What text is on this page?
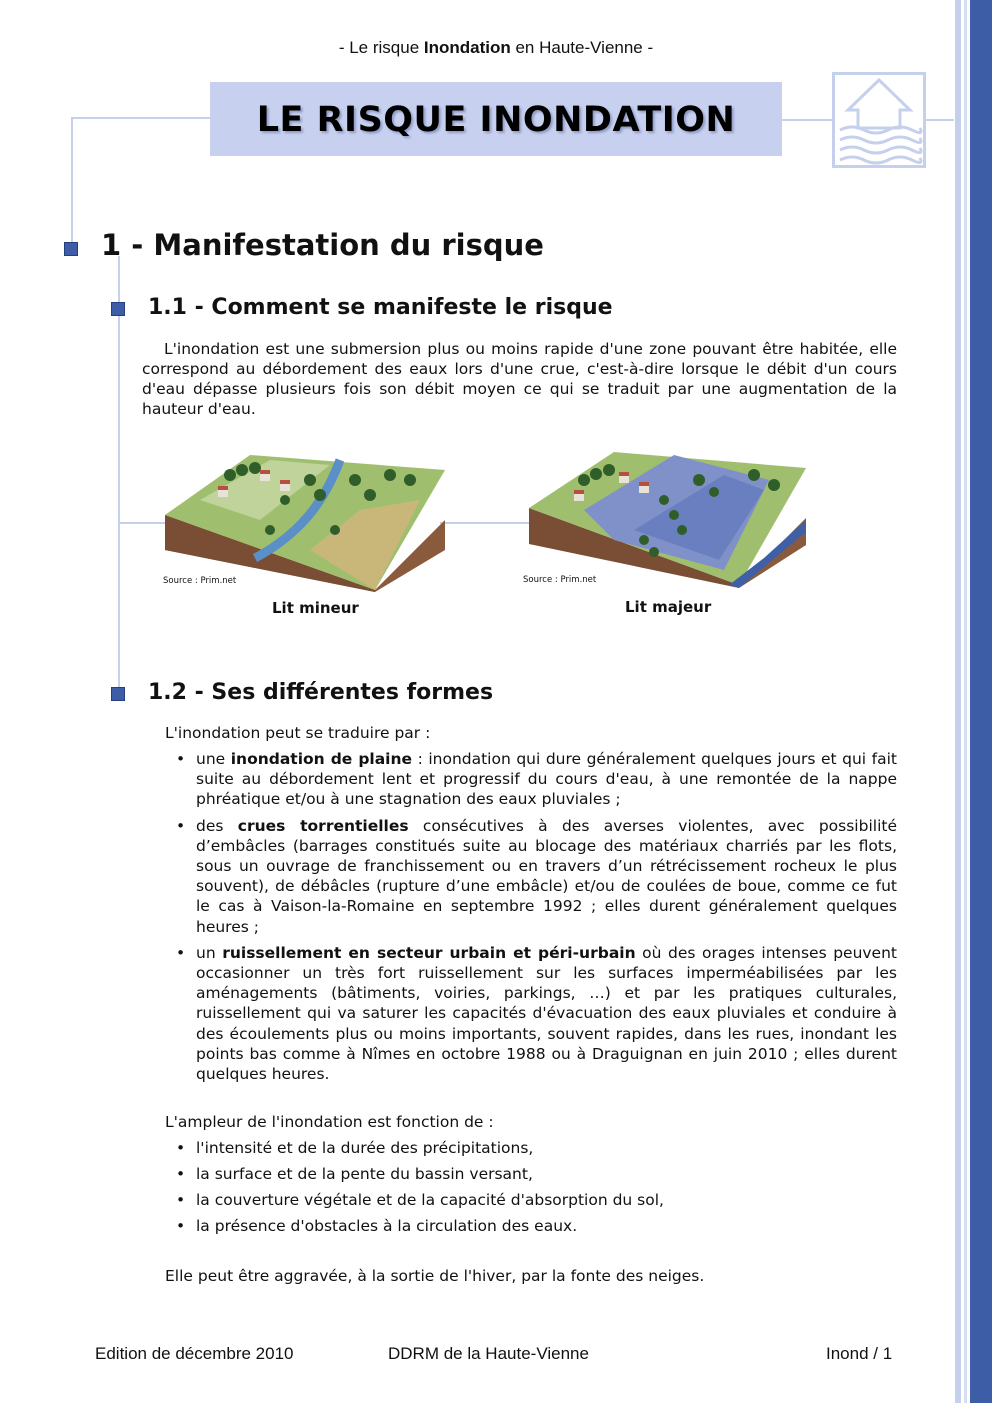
- Le risque Inondation en Haute-Vienne -
LE RISQUE INONDATION
1 - Manifestation du risque
1.1 - Comment se manifeste le risque

L'inondation est une submersion plus ou moins rapide d'une zone pouvant être habitée, elle correspond au débordement des eaux lors d'une crue, c'est-à-dire lorsque le débit d'un cours d'eau dépasse plusieurs fois son débit moyen ce qui se traduit par une augmentation de la hauteur d'eau.

Source : Prim.net
Lit mineur
Source : Prim.net
Lit majeur
1.2 - Ses différentes formes

L'inondation peut se traduire par :

• une inondation de plaine : inondation qui dure généralement quelques jours et qui fait suite au débordement lent et progressif du cours d'eau, à une remontée de la nappe phréatique et/ou à une stagnation des eaux pluviales ;
• des crues torrentielles consécutives à des averses violentes, avec possibilité d’embâcles (barrages constitués suite au blocage des matériaux charriés par les flots, sous un ouvrage de franchissement ou en travers d’un rétrécissement rocheux le plus souvent), de débâcles (rupture d’une embâcle) et/ou de coulées de boue, comme ce fut le cas à Vaison-la-Romaine en septembre 1992 ; elles durent généralement quelques heures ;
• un ruissellement en secteur urbain et péri-urbain où des orages intenses peuvent occasionner un très fort ruissellement sur les surfaces imperméabilisées par les aménagements (bâtiments, voiries, parkings, …) et par les pratiques culturales, ruissellement qui va saturer les capacités d'évacuation des eaux pluviales et conduire à des écoulements plus ou moins importants, souvent rapides, dans les rues, inondant les points bas comme à Nîmes en octobre 1988 ou à Draguignan en juin 2010 ; elles durent quelques heures.

L'ampleur de l'inondation est fonction de :

• l'intensité et de la durée des précipitations,
• la surface et de la pente du bassin versant,
• la couverture végétale et de la capacité d'absorption du sol,
• la présence d'obstacles à la circulation des eaux.

Elle peut être aggravée, à la sortie de l'hiver, par la fonte des neiges.

Edition de décembre 2010	DDRM de la Haute-Vienne	Inond / 1
